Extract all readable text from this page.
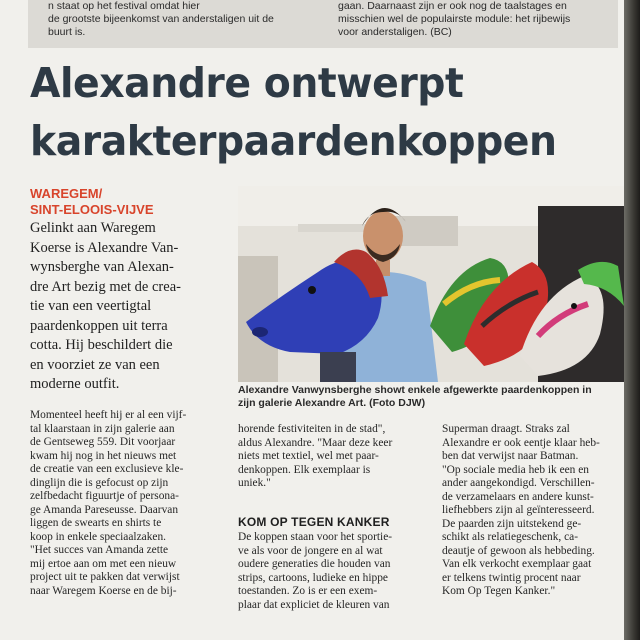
n staat op het festival omdat hier
de grootste bijeenkomst van anderstaligen uit de
buurt is.
gaan. Daarnaast zijn er ook nog de taalstages en
misschien wel de populairste module: het rijbewijs
voor anderstaligen. (BC)
Alexandre ontwerpt
karakterpaardenkoppen
WAREGEM/
SINT-ELOOIS-VIJVE
Gelinkt aan Waregem
Koerse is Alexandre Van-
wynsberghe van Alexan-
dre Art bezig met de crea-
tie van een veertigtal
paardenkoppen uit terra
cotta. Hij beschildert die
en voorziet ze van een
moderne outfit.
Momenteel heeft hij er al een vijf-
tal klaarstaan in zijn galerie aan
de Gentseweg 559. Dit voorjaar
kwam hij nog in het nieuws met
de creatie van een exclusieve kle-
dinglijn die is gefocust op zijn
zelfbedacht figuurtje of persona-
ge Amanda Pareseusse. Daarvan
liggen de swearts en shirts te
koop in enkele speciaalzaken.
"Het succes van Amanda zette
mij ertoe aan om met een nieuw
project uit te pakken dat verwijst
naar Waregem Koerse en de bij-
Alexandre Vanwynsberghe showt enkele afgewerkte paardenkoppen in
zijn galerie Alexandre Art. (Foto DJW)
horende festiviteiten in de stad",
aldus Alexandre. "Maar deze keer
niets met textiel, wel met paar-
denkoppen. Elk exemplaar is
uniek."
KOM OP TEGEN KANKER
De koppen staan voor het sportie-
ve als voor de jongere en al wat
oudere generaties die houden van
strips, cartoons, ludieke en hippe
toestanden. Zo is er een exem-
plaar dat expliciet de kleuren van
Superman draagt. Straks zal
Alexandre er ook eentje klaar heb-
ben dat verwijst naar Batman.
"Op sociale media heb ik een en
ander aangekondigd. Verschillen-
de verzamelaars en andere kunst-
liefhebbers zijn al geïnteresseerd.
De paarden zijn uitstekend ge-
schikt als relatiegeschenk, ca-
deautje of gewoon als hebbeding.
Van elk verkocht exemplaar gaat
er telkens twintig procent naar
Kom Op Tegen Kanker."
